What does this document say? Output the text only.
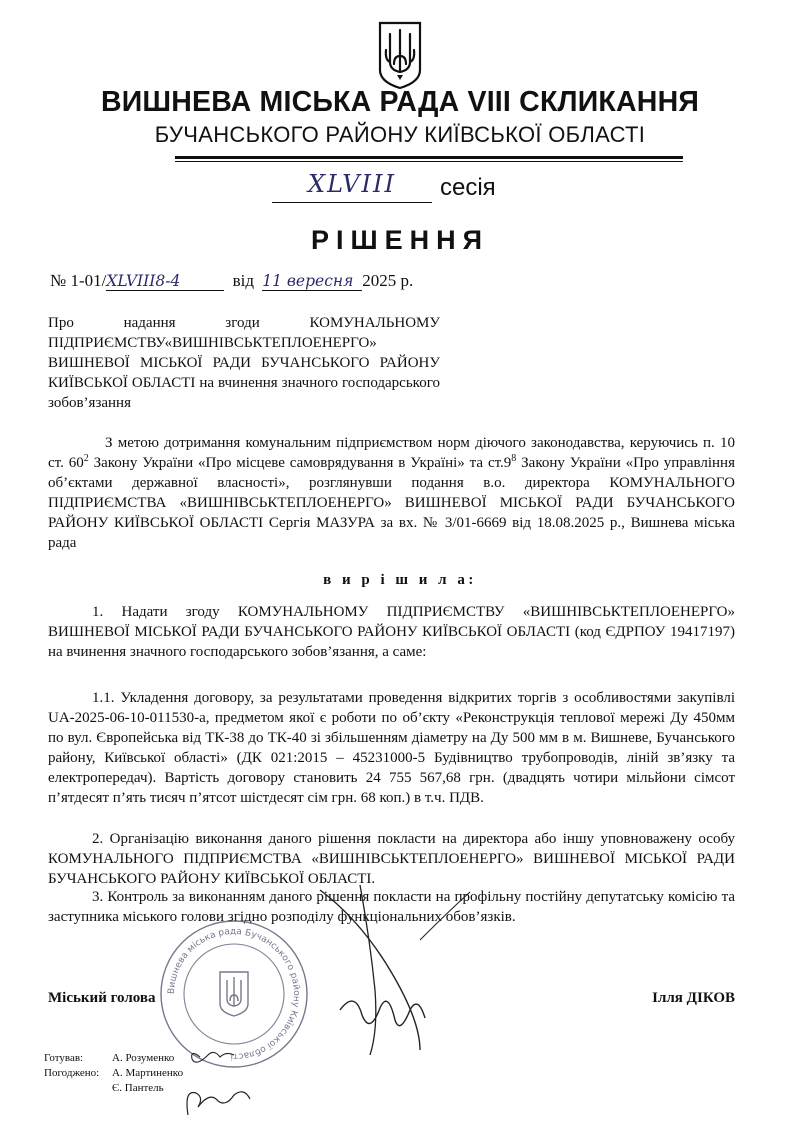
ВИШНЕВА МІСЬКА РАДА VIII СКЛИКАННЯ
БУЧАНСЬКОГО РАЙОНУ КИЇВСЬКОЇ ОБЛАСТІ
XLVIII	сесія
РІШЕННЯ
№ 1-01/ XLVIII8-4	від 11 вересня 2025 р.
Про надання згоди КОМУНАЛЬНОМУ ПІДПРИЄМСТВУ«ВИШНІВСЬКТЕПЛОЕНЕРГО» ВИШНЕВОЇ МІСЬКОЇ РАДИ БУЧАНСЬКОГО РАЙОНУ КИЇВСЬКОЇ ОБЛАСТІ на вчинення значного господарського зобов’язання
З метою дотримання комунальним підприємством норм діючого законодавства, керуючись п. 10 ст. $60^2$ Закону України «Про місцеве самоврядування в Україні» та $ст.9^8$ Закону України «Про управління об’єктами державної власності», розглянувши подання в.о. директора КОМУНАЛЬНОГО ПІДПРИЄМСТВА «ВИШНІВСЬКТЕПЛОЕНЕРГО» ВИШНЕВОЇ МІСЬКОЇ РАДИ БУЧАНСЬКОГО РАЙОНУ КИЇВСЬКОЇ ОБЛАСТІ Сергія МАЗУРА за вх. № 3/01-6669 від 18.08.2025 р., Вишнева міська рада
в и р і ш и л а:
1. Надати згоду КОМУНАЛЬНОМУ ПІДПРИЄМСТВУ «ВИШНІВСЬКТЕПЛОЕНЕРГО» ВИШНЕВОЇ МІСЬКОЇ РАДИ БУЧАНСЬКОГО РАЙОНУ КИЇВСЬКОЇ ОБЛАСТІ (код ЄДРПОУ 19417197) на вчинення значного господарського зобов’язання, а саме:
1.1. Укладення договору, за результатами проведення відкритих торгів з особливостями закупівлі UA-2025-06-10-011530-а, предметом якої є роботи по об’єкту «Реконструкція теплової мережі Ду 450мм по вул. Європейська від ТК-38 до ТК-40 зі збільшенням діаметру на Ду 500 мм в м. Вишневе, Бучанського району, Київської області» (ДК 021:2015 – 45231000-5 Будівництво трубопроводів, ліній зв’язку та електропередач). Вартість договору становить 24 755 567,68 грн. (двадцять чотири мільйони сімсот п’ятдесят п’ять тисяч п’ятсот шістдесят сім грн. 68 коп.) в т.ч. ПДВ.
2. Організацію виконання даного рішення покласти на директора або іншу уповноважену особу КОМУНАЛЬНОГО ПІДПРИЄМСТВА «ВИШНІВСЬКТЕПЛОЕНЕРГО» ВИШНЕВОЇ МІСЬКОЇ РАДИ БУЧАНСЬКОГО РАЙОНУ КИЇВСЬКОЇ ОБЛАСТІ.
3. Контроль за виконанням даного рішення покласти на профільну постійну депутатську комісію та заступника міського голови згідно розподілу функціональних обов’язків.
Вишнева міська рада Бучанського району Київської області
Міський голова	Ілля ДІКОВ
Готував:	А. Розуменко
Погоджено: А. Мартиненко
Є. Пантель
